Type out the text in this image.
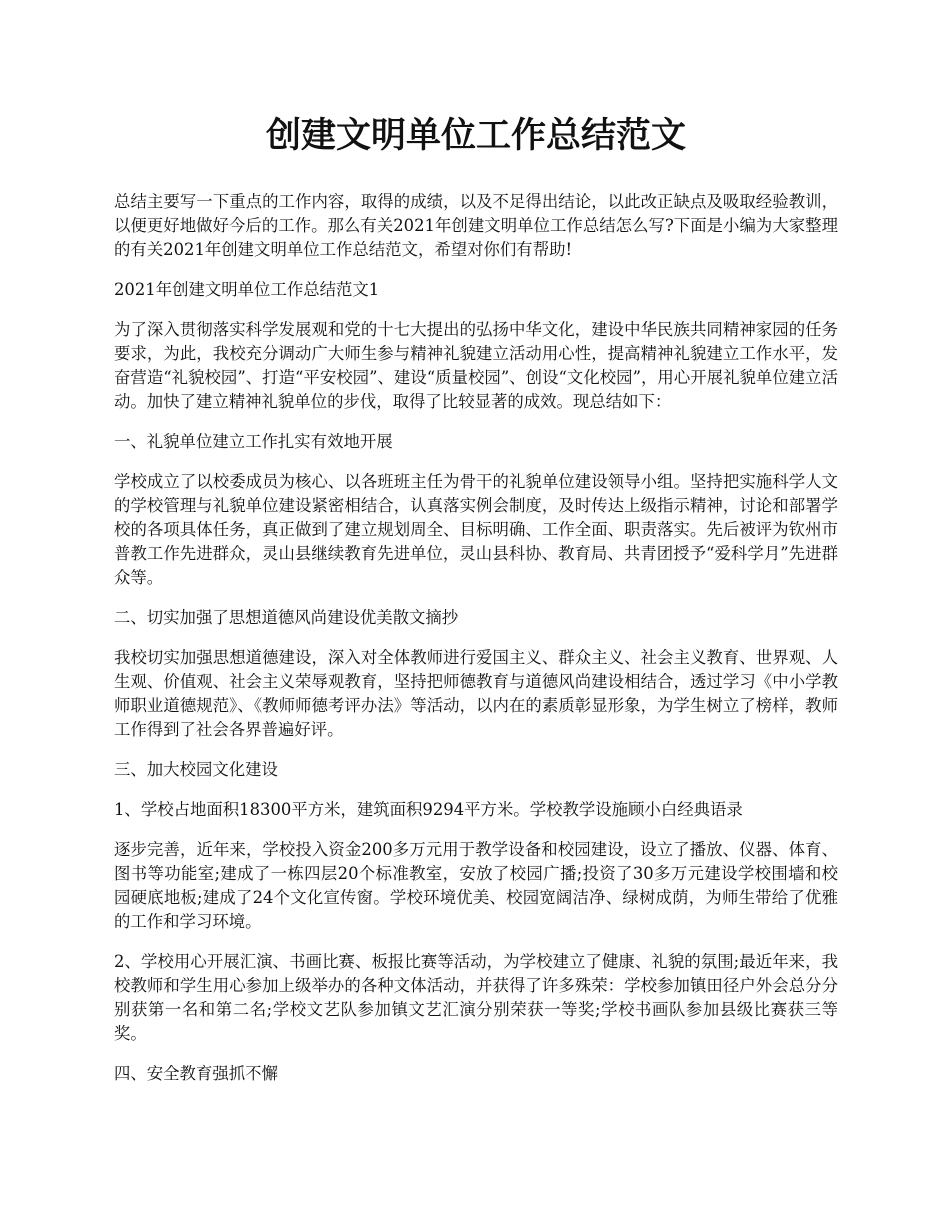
创建文明单位工作总结范文

总结主要写一下重点的工作内容，取得的成绩，以及不足得出结论，以此改正缺点及吸取经验教训，以便更好地做好今后的工作。那么有关2021年创建文明单位工作总结怎么写?下面是小编为大家整理的有关2021年创建文明单位工作总结范文，希望对你们有帮助!

2021年创建文明单位工作总结范文1

为了深入贯彻落实科学发展观和党的十七大提出的弘扬中华文化，建设中华民族共同精神家园的任务要求，为此，我校充分调动广大师生参与精神礼貌建立活动用心性，提高精神礼貌建立工作水平，发奋营造“礼貌校园”、打造“平安校园”、建设“质量校园”、创设“文化校园”，用心开展礼貌单位建立活动。加快了建立精神礼貌单位的步伐，取得了比较显著的成效。现总结如下：

一、礼貌单位建立工作扎实有效地开展

学校成立了以校委成员为核心、以各班班主任为骨干的礼貌单位建设领导小组。坚持把实施科学人文的学校管理与礼貌单位建设紧密相结合，认真落实例会制度，及时传达上级指示精神，讨论和部署学校的各项具体任务，真正做到了建立规划周全、目标明确、工作全面、职责落实。先后被评为钦州市普教工作先进群众，灵山县继续教育先进单位，灵山县科协、教育局、共青团授予“爱科学月”先进群众等。

二、切实加强了思想道德风尚建设优美散文摘抄

我校切实加强思想道德建设，深入对全体教师进行爱国主义、群众主义、社会主义教育、世界观、人生观、价值观、社会主义荣辱观教育，坚持把师德教育与道德风尚建设相结合，透过学习《中小学教师职业道德规范》、《教师师德考评办法》等活动，以内在的素质彰显形象，为学生树立了榜样，教师工作得到了社会各界普遍好评。

三、加大校园文化建设

1、学校占地面积18300平方米，建筑面积9294平方米。学校教学设施顾小白经典语录

逐步完善，近年来，学校投入资金200多万元用于教学设备和校园建设，设立了播放、仪器、体育、图书等功能室;建成了一栋四层20个标准教室，安放了校园广播;投资了30多万元建设学校围墙和校园硬底地板;建成了24个文化宣传窗。学校环境优美、校园宽阔洁净、绿树成荫，为师生带给了优雅的工作和学习环境。

2、学校用心开展汇演、书画比赛、板报比赛等活动，为学校建立了健康、礼貌的氛围;最近年来，我校教师和学生用心参加上级举办的各种文体活动，并获得了许多殊荣：学校参加镇田径户外会总分分别获第一名和第二名;学校文艺队参加镇文艺汇演分别荣获一等奖;学校书画队参加县级比赛获三等奖。

四、安全教育强抓不懈
